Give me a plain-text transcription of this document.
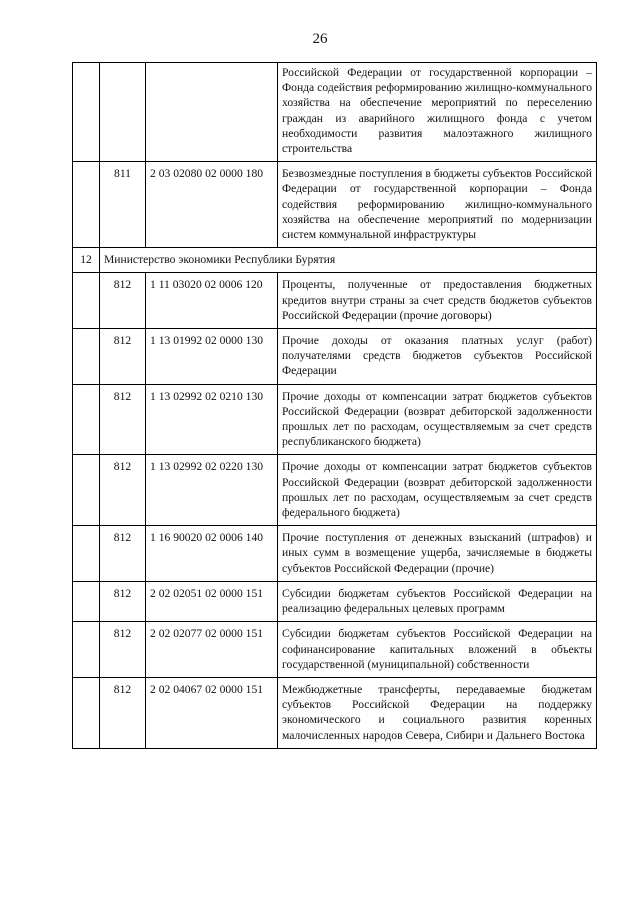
26
			Российской Федерации от государственной корпорации – Фонда содействия реформированию жилищно-коммунального хозяйства на обеспечение мероприятий по переселению граждан из аварийного жилищного фонда с учетом необходимости развития малоэтажного жилищного строительства
	811	2 03 02080 02 0000 180	Безвозмездные поступления в бюджеты субъектов Российской Федерации от государственной корпорации – Фонда содействия реформированию жилищно-коммунального хозяйства на обеспечение мероприятий по модернизации систем коммунальной инфраструктуры
12	Министерство экономики Республики Бурятия		
	812	1 11 03020 02 0006 120	Проценты, полученные от предоставления бюджетных кредитов внутри страны за счет средств бюджетов субъектов Российской Федерации (прочие договоры)
	812	1 13 01992 02 0000 130	Прочие доходы от оказания платных услуг (работ) получателями средств бюджетов субъектов Российской Федерации
	812	1 13 02992 02 0210 130	Прочие доходы от компенсации затрат бюджетов субъектов Российской Федерации (возврат дебиторской задолженности прошлых лет по расходам, осуществляемым за счет средств республиканского бюджета)
	812	1 13 02992 02 0220 130	Прочие доходы от компенсации затрат бюджетов субъектов Российской Федерации (возврат дебиторской задолженности прошлых лет по расходам, осуществляемым за счет средств федерального бюджета)
	812	1 16 90020 02 0006 140	Прочие поступления от денежных взысканий (штрафов) и иных сумм в возмещение ущерба, зачисляемые в бюджеты субъектов Российской Федерации (прочие)
	812	2 02 02051 02 0000 151	Субсидии бюджетам субъектов Российской Федерации на реализацию федеральных целевых программ
	812	2 02 02077 02 0000 151	Субсидии бюджетам субъектов Российской Федерации на софинансирование капитальных вложений в объекты государственной (муниципальной) собственности
	812	2 02 04067 02 0000 151	Межбюджетные трансферты, передаваемые бюджетам субъектов Российской Федерации на поддержку экономического и социального развития коренных малочисленных народов Севера, Сибири и Дальнего Востока
